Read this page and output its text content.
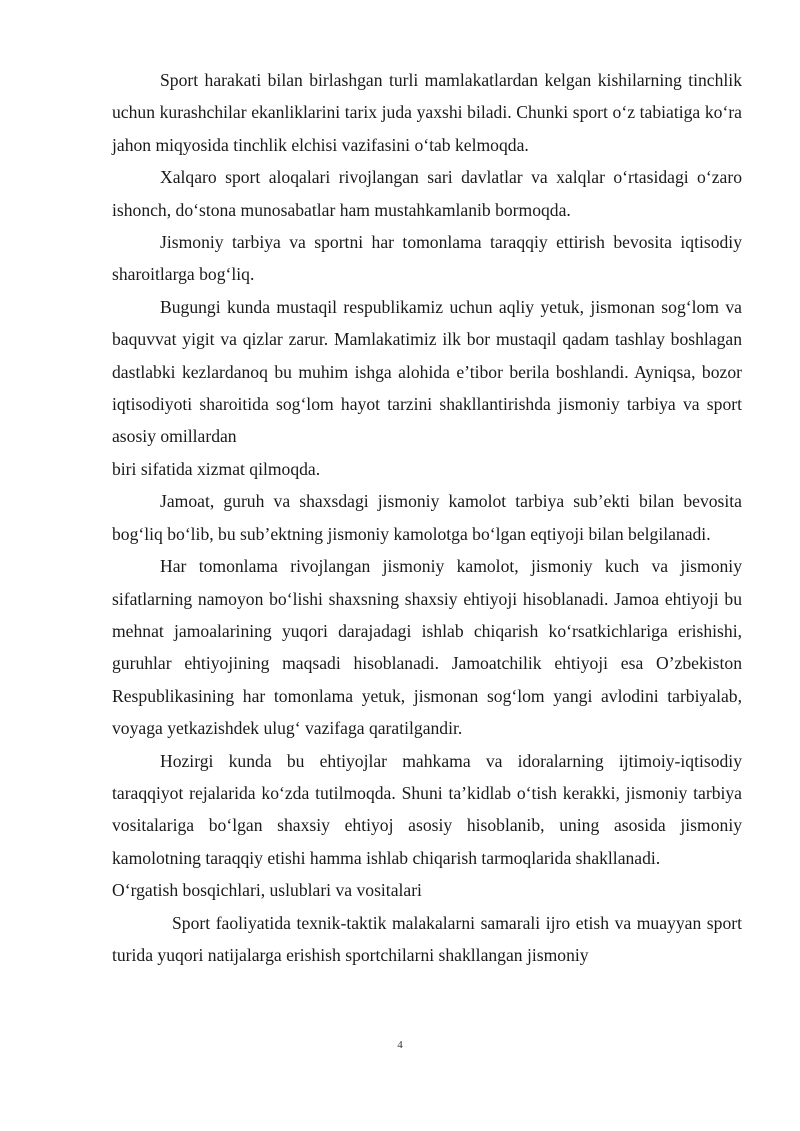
Sport harakati bilan birlashgan turli mamlakatlardan kelgan kishilarning tinchlik uchun kurashchilar ekanliklarini tarix juda yaxshi biladi. Chunki sport o‘z tabiatiga ko‘ra jahon miqyosida tinchlik elchisi vazifasini o‘tab kelmoqda.

Xalqaro sport aloqalari rivojlangan sari davlatlar va xalqlar o‘rtasidagi o‘zaro ishonch, do‘stona munosabatlar ham mustahkamlanib bormoqda.

Jismoniy tarbiya va sportni har tomonlama taraqqiy ettirish bevosita iqtisodiy sharoitlarga bog‘liq.

Bugungi kunda mustaqil respublikamiz uchun aqliy yetuk, jismonan sog‘lom va baquvvat yigit va qizlar zarur. Mamlakatimiz ilk bor mustaqil qadam tashlay boshlagan dastlabki kezlardanoq bu muhim ishga alohida e’tibor berila boshlandi. Ayniqsa, bozor iqtisodiyoti sharoitida sog‘lom hayot tarzini shakllantirishda jismoniy tarbiya va sport asosiy omillardan

biri sifatida xizmat qilmoqda.

Jamoat, guruh va shaxsdagi jismoniy kamolot tarbiya sub’ekti bilan bevosita bog‘liq bo‘lib, bu sub’ektning jismoniy kamolotga bo‘lgan eqtiyoji bilan belgilanadi.

Har tomonlama rivojlangan jismoniy kamolot, jismoniy kuch va jismoniy sifatlarning namoyon bo‘lishi shaxsning shaxsiy ehtiyoji hisoblanadi. Jamoa ehtiyoji bu mehnat jamoalarining yuqori darajadagi ishlab chiqarish ko‘rsatkichlariga erishishi, guruhlar ehtiyojining maqsadi hisoblanadi. Jamoatchilik ehtiyoji esa O’zbekiston Respublikasining har tomonlama yetuk, jismonan sog‘lom yangi avlodini tarbiyalab, voyaga yetkazishdek ulug‘ vazifaga qaratilgandir.

Hozirgi kunda bu ehtiyojlar mahkama va idoralarning ijtimoiy-iqtisodiy taraqqiyot rejalarida ko‘zda tutilmoqda. Shuni ta’kidlab o‘tish kerakki, jismoniy tarbiya vositalariga bo‘lgan shaxsiy ehtiyoj asosiy hisoblanib, uning asosida jismoniy kamolotning taraqqiy etishi hamma ishlab chiqarish tarmoqlarida shakllanadi.

O‘rgatish bosqichlari, uslublari va vositalari

Sport faoliyatida texnik-taktik malakalarni samarali ijro etish va muayyan sport turida yuqori natijalarga erishish sportchilarni shakllangan jismoniy

4
